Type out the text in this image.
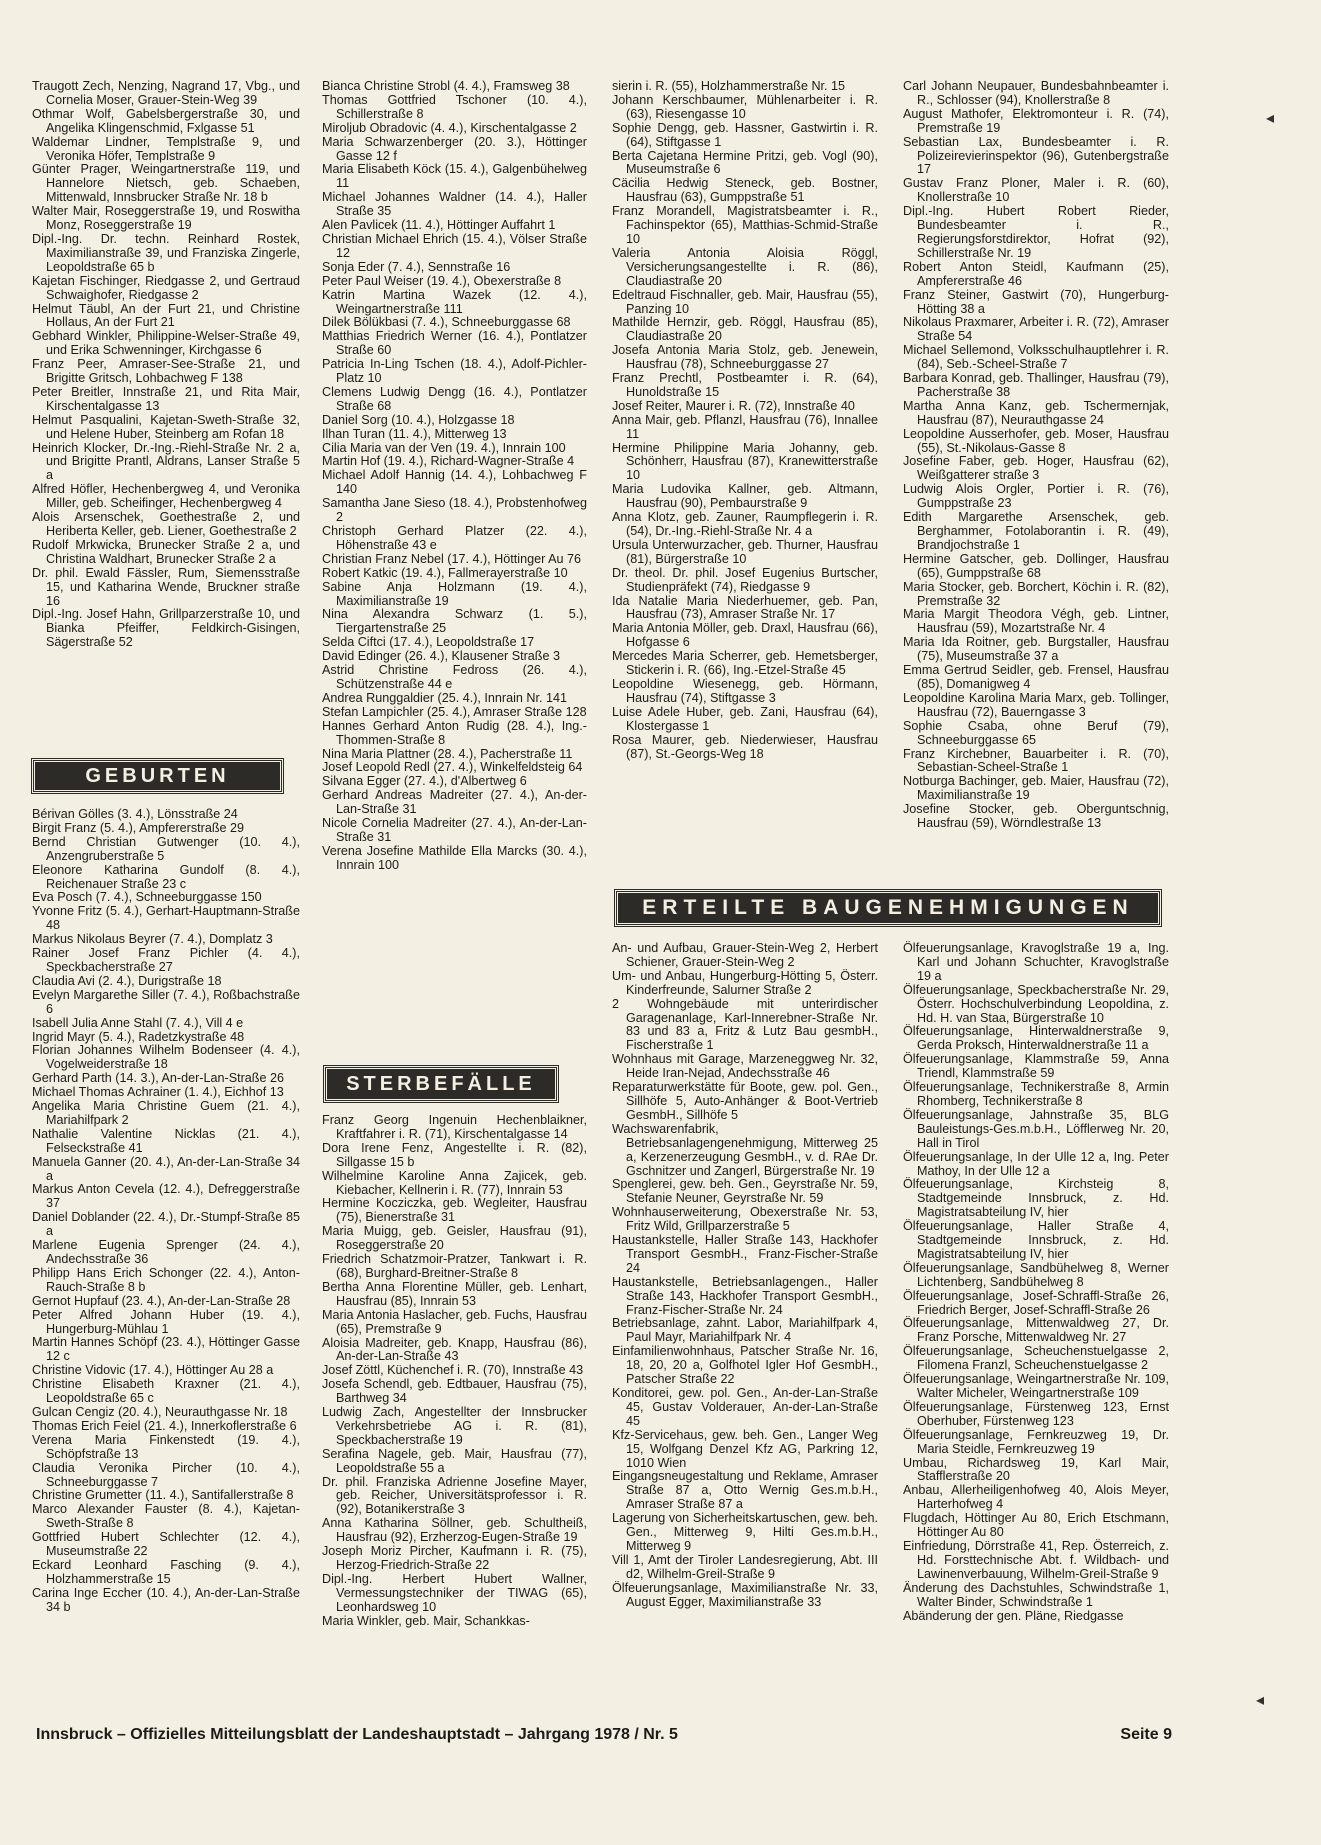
Traugott Zech, Nenzing, Nagrand 17, Vbg., und Cornelia Moser, Grauer-Stein-Weg 39

Othmar Wolf, Gabelsbergerstraße 30, und Angelika Klingenschmid, Fxlgasse 51

Waldemar Lindner, Templstraße 9, und Veronika Höfer, Templstraße 9

Günter Prager, Weingartnerstraße 119, und Hannelore Nietsch, geb. Schaeben, Mittenwald, Innsbrucker Straße Nr. 18 b

Walter Mair, Roseggerstraße 19, und Roswitha Monz, Roseggerstraße 19

Dipl.-Ing. Dr. techn. Reinhard Rostek, Maximilianstraße 39, und Franziska Zingerle, Leopoldstraße 65 b

Kajetan Fischinger, Riedgasse 2, und Gertraud Schwaighofer, Riedgasse 2

Helmut Täubl, An der Furt 21, und Christine Hollaus, An der Furt 21

Gebhard Winkler, Philippine-Welser-Straße 49, und Erika Schwenninger, Kirchgasse 6

Franz Peer, Amraser-See-Straße 21, und Brigitte Gritsch, Lohbachweg F 138

Peter Breitler, Innstraße 21, und Rita Mair, Kirschentalgasse 13

Helmut Pasqualini, Kajetan-Sweth-Straße 32, und Helene Huber, Steinberg am Rofan 18

Heinrich Klocker, Dr.-Ing.-Riehl-Straße Nr. 2 a, und Brigitte Prantl, Aldrans, Lanser Straße 5 a

Alfred Höfler, Hechenbergweg 4, und Veronika Miller, geb. Scheifinger, Hechenbergweg 4

Alois Arsenschek, Goethestraße 2, und Heriberta Keller, geb. Liener, Goethestraße 2

Rudolf Mrkwicka, Brunecker Straße 2 a, und Christina Waldhart, Brunecker Straße 2 a

Dr. phil. Ewald Fässler, Rum, Siemensstraße 15, und Katharina Wende, Bruckner straße 16

Dipl.-Ing. Josef Hahn, Grillparzerstraße 10, und Bianka Pfeiffer, Feldkirch-Gisingen, Sägerstraße 52

GEBURTEN

Bérivan Gölles (3. 4.), Lönsstraße 24

Birgit Franz (5. 4.), Ampfererstraße 29

Bernd Christian Gutwenger (10. 4.), Anzengruberstraße 5

Eleonore Katharina Gundolf (8. 4.), Reichenauer Straße 23 c

Eva Posch (7. 4.), Schneeburggasse 150

Yvonne Fritz (5. 4.), Gerhart-Hauptmann-Straße 48

Markus Nikolaus Beyrer (7. 4.), Domplatz 3

Rainer Josef Franz Pichler (4. 4.), Speckbacherstraße 27

Claudia Avi (2. 4.), Durigstraße 18

Evelyn Margarethe Siller (7. 4.), Roßbachstraße 6

Isabell Julia Anne Stahl (7. 4.), Vill 4 e

Ingrid Mayr (5. 4.), Radetzkystraße 48

Florian Johannes Wilhelm Bodenseer (4. 4.), Vogelweiderstraße 18

Gerhard Parth (14. 3.), An-der-Lan-Straße 26

Michael Thomas Achrainer (1. 4.), Eichhof 13

Angelika Maria Christine Guem (21. 4.), Mariahilfpark 2

Nathalie Valentine Nicklas (21. 4.), Felseckstraße 41

Manuela Ganner (20. 4.), An-der-Lan-Straße 34 a

Markus Anton Cevela (12. 4.), Defreggerstraße 37

Daniel Doblander (22. 4.), Dr.-Stumpf-Straße 85 a

Marlene Eugenia Sprenger (24. 4.), Andechsstraße 36

Philipp Hans Erich Schonger (22. 4.), Anton-Rauch-Straße 8 b

Gernot Hupfauf (23. 4.), An-der-Lan-Straße 28

Peter Alfred Johann Huber (19. 4.), Hungerburg-Mühlau 1

Martin Hannes Schöpf (23. 4.), Höttinger Gasse 12 c

Christine Vidovic (17. 4.), Höttinger Au 28 a

Christine Elisabeth Kraxner (21. 4.), Leopoldstraße 65 c

Gulcan Cengiz (20. 4.), Neurauthgasse Nr. 18

Thomas Erich Feiel (21. 4.), Innerkoflerstraße 6

Verena Maria Finkenstedt (19. 4.), Schöpfstraße 13

Claudia Veronika Pircher (10. 4.), Schneeburggasse 7

Christine Grumetter (11. 4.), Santifallerstraße 8

Marco Alexander Fauster (8. 4.), Kajetan-Sweth-Straße 8

Gottfried Hubert Schlechter (12. 4.), Museumstraße 22

Eckard Leonhard Fasching (9. 4.), Holzhammerstraße 15

Carina Inge Eccher (10. 4.), An-der-Lan-Straße 34 b

Bianca Christine Strobl (4. 4.), Framsweg 38

Thomas Gottfried Tschoner (10. 4.), Schillerstraße 8

Miroljub Obradovic (4. 4.), Kirschentalgasse 2

Maria Schwarzenberger (20. 3.), Höttinger Gasse 12 f

Maria Elisabeth Köck (15. 4.), Galgenbühelweg 11

Michael Johannes Waldner (14. 4.), Haller Straße 35

Alen Pavlicek (11. 4.), Höttinger Auffahrt 1

Christian Michael Ehrich (15. 4.), Völser Straße 12

Sonja Eder (7. 4.), Sennstraße 16

Peter Paul Weiser (19. 4.), Obexerstraße 8

Katrin Martina Wazek (12. 4.), Weingartnerstraße 111

Dilek Bölükbasi (7. 4.), Schneeburggasse 68

Matthias Friedrich Werner (16. 4.), Pontlatzer Straße 60

Patricia In-Ling Tschen (18. 4.), Adolf-Pichler-Platz 10

Clemens Ludwig Dengg (16. 4.), Pontlatzer Straße 68

Daniel Sorg (10. 4.), Holzgasse 18

Ilhan Turan (11. 4.), Mitterweg 13

Cilia Maria van der Ven (19. 4.), Innrain 100

Martin Hof (19. 4.), Richard-Wagner-Straße 4

Michael Adolf Hannig (14. 4.), Lohbachweg F 140

Samantha Jane Sieso (18. 4.), Probstenhofweg 2

Christoph Gerhard Platzer (22. 4.), Höhenstraße 43 e

Christian Franz Nebel (17. 4.), Höttinger Au 76

Robert Katkic (19. 4.), Fallmerayerstraße 10

Sabine Anja Holzmann (19. 4.), Maximilianstraße 19

Nina Alexandra Schwarz (1. 5.), Tiergartenstraße 25

Selda Ciftci (17. 4.), Leopoldstraße 17

David Edinger (26. 4.), Klausener Straße 3

Astrid Christine Fedross (26. 4.), Schützenstraße 44 e

Andrea Runggaldier (25. 4.), Innrain Nr. 141

Stefan Lampichler (25. 4.), Amraser Straße 128

Hannes Gerhard Anton Rudig (28. 4.), Ing.-Thommen-Straße 8

Nina Maria Plattner (28. 4.), Pacherstraße 11

Josef Leopold Redl (27. 4.), Winkelfeldsteig 64

Silvana Egger (27. 4.), d'Albertweg 6

Gerhard Andreas Madreiter (27. 4.), An-der-Lan-Straße 31

Nicole Cornelia Madreiter (27. 4.), An-der-Lan-Straße 31

Verena Josefine Mathilde Ella Marcks (30. 4.), Innrain 100

STERBEFÄLLE

Franz Georg Ingenuin Hechenblaikner, Kraftfahrer i. R. (71), Kirschentalgasse 14

Dora Irene Fenz, Angestellte i. R. (82), Sillgasse 15 b

Wilhelmine Karoline Anna Zajicek, geb. Kiebacher, Kellnerin i. R. (77), Innrain 53

Hermine Kocziczka, geb. Wegleiter, Hausfrau (75), Bienerstraße 31

Maria Muigg, geb. Geisler, Hausfrau (91), Roseggerstraße 20

Friedrich Schatzmoir-Pratzer, Tankwart i. R. (68), Burghard-Breitner-Straße 8

Bertha Anna Florentine Müller, geb. Lenhart, Hausfrau (85), Innrain 53

Maria Antonia Haslacher, geb. Fuchs, Hausfrau (65), Premstraße 9

Aloisia Madreiter, geb. Knapp, Hausfrau (86), An-der-Lan-Straße 43

Josef Zöttl, Küchenchef i. R. (70), Innstraße 43

Josefa Schendl, geb. Edtbauer, Hausfrau (75), Barthweg 34

Ludwig Zach, Angestellter der Innsbrucker Verkehrsbetriebe AG i. R. (81), Speckbacherstraße 19

Serafina Nagele, geb. Mair, Hausfrau (77), Leopoldstraße 55 a

Dr. phil. Franziska Adrienne Josefine Mayer, geb. Reicher, Universitätsprofessor i. R. (92), Botanikerstraße 3

Anna Katharina Söllner, geb. Schultheiß, Hausfrau (92), Erzherzog-Eugen-Straße 19

Joseph Moriz Pircher, Kaufmann i. R. (75), Herzog-Friedrich-Straße 22

Dipl.-Ing. Herbert Hubert Wallner, Vermessungstechniker der TIWAG (65), Leonhardsweg 10

Maria Winkler, geb. Mair, Schankkas-

sierin i. R. (55), Holzhammerstraße Nr. 15

Johann Kerschbaumer, Mühlenarbeiter i. R. (63), Riesengasse 10

Sophie Dengg, geb. Hassner, Gastwirtin i. R. (64), Stiftgasse 1

Berta Cajetana Hermine Pritzi, geb. Vogl (90), Museumstraße 6

Cäcilia Hedwig Steneck, geb. Bostner, Hausfrau (63), Gumppstraße 51

Franz Morandell, Magistratsbeamter i. R., Fachinspektor (65), Matthias-Schmid-Straße 10

Valeria Antonia Aloisia Röggl, Versicherungsangestellte i. R. (86), Claudiastraße 20

Edeltraud Fischnaller, geb. Mair, Hausfrau (55), Panzing 10

Mathilde Hernzir, geb. Röggl, Hausfrau (85), Claudiastraße 20

Josefa Antonia Maria Stolz, geb. Jenewein, Hausfrau (78), Schneeburggasse 27

Franz Prechtl, Postbeamter i. R. (64), Hunoldstraße 15

Josef Reiter, Maurer i. R. (72), Innstraße 40

Anna Mair, geb. Pflanzl, Hausfrau (76), Innallee 11

Hermine Philippine Maria Johanny, geb. Schönherr, Hausfrau (87), Kranewitterstraße 10

Maria Ludovika Kallner, geb. Altmann, Hausfrau (90), Pembaurstraße 9

Anna Klotz, geb. Zauner, Raumpflegerin i. R. (54), Dr.-Ing.-Riehl-Straße Nr. 4 a

Ursula Unterwurzacher, geb. Thurner, Hausfrau (81), Bürgerstraße 10

Dr. theol. Dr. phil. Josef Eugenius Burtscher, Studienpräfekt (74), Riedgasse 9

Ida Natalie Maria Niederhuemer, geb. Pan, Hausfrau (73), Amraser Straße Nr. 17

Maria Antonia Möller, geb. Draxl, Hausfrau (66), Hofgasse 6

Mercedes Maria Scherrer, geb. Hemetsberger, Stickerin i. R. (66), Ing.-Etzel-Straße 45

Leopoldine Wiesenegg, geb. Hörmann, Hausfrau (74), Stiftgasse 3

Luise Adele Huber, geb. Zani, Hausfrau (64), Klostergasse 1

Rosa Maurer, geb. Niederwieser, Hausfrau (87), St.-Georgs-Weg 18

Carl Johann Neupauer, Bundesbahnbeamter i. R., Schlosser (94), Knollerstraße 8

August Mathofer, Elektromonteur i. R. (74), Premstraße 19

Sebastian Lax, Bundesbeamter i. R. Polizeirevierinspektor (96), Gutenbergstraße 17

Gustav Franz Ploner, Maler i. R. (60), Knollerstraße 10

Dipl.-Ing. Hubert Robert Rieder, Bundesbeamter i. R., Regierungsforstdirektor, Hofrat (92), Schillerstraße Nr. 19

Robert Anton Steidl, Kaufmann (25), Ampfererstraße 46

Franz Steiner, Gastwirt (70), Hungerburg-Hötting 38 a

Nikolaus Praxmarer, Arbeiter i. R. (72), Amraser Straße 54

Michael Sellemond, Volksschulhauptlehrer i. R. (84), Seb.-Scheel-Straße 7

Barbara Konrad, geb. Thallinger, Hausfrau (79), Pacherstraße 38

Martha Anna Kanz, geb. Tschermernjak, Hausfrau (87), Neurauthgasse 24

Leopoldine Ausserhofer, geb. Moser, Hausfrau (55), St.-Nikolaus-Gasse 8

Josefine Faber, geb. Hoger, Hausfrau (62), Weißgatterer straße 3

Ludwig Alois Orgler, Portier i. R. (76), Gumppstraße 23

Edith Margarethe Arsenschek, geb. Berghammer, Fotolaborantin i. R. (49), Brandjochstraße 1

Hermine Gatscher, geb. Dollinger, Hausfrau (65), Gumppstraße 68

Maria Stocker, geb. Borchert, Köchin i. R. (82), Premstraße 32

Maria Margit Theodora Végh, geb. Lintner, Hausfrau (59), Mozartstraße Nr. 4

Maria Ida Roitner, geb. Burgstaller, Hausfrau (75), Museumstraße 37 a

Emma Gertrud Seidler, geb. Frensel, Hausfrau (85), Domanigweg 4

Leopoldine Karolina Maria Marx, geb. Tollinger, Hausfrau (72), Bauerngasse 3

Sophie Csaba, ohne Beruf (79), Schneeburggasse 65

Franz Kirchebner, Bauarbeiter i. R. (70), Sebastian-Scheel-Straße 1

Notburga Bachinger, geb. Maier, Hausfrau (72), Maximilianstraße 19

Josefine Stocker, geb. Oberguntschnig, Hausfrau (59), Wörndlestraße 13

ERTEILTE BAUGENEHMIGUNGEN

An- und Aufbau, Grauer-Stein-Weg 2, Herbert Schiener, Grauer-Stein-Weg 2

Um- und Anbau, Hungerburg-Hötting 5, Österr. Kinderfreunde, Salurner Straße 2

2 Wohngebäude mit unterirdischer Garagenanlage, Karl-Innerebner-Straße Nr. 83 und 83 a, Fritz & Lutz Bau gesmbH., Fischerstraße 1

Wohnhaus mit Garage, Marzeneggweg Nr. 32, Heide Iran-Nejad, Andechsstraße 46

Reparaturwerkstätte für Boote, gew. pol. Gen., Sillhöfe 5, Auto-Anhänger & Boot-Vertrieb GesmbH., Sillhöfe 5

Wachswarenfabrik, Betriebsanlagengenehmigung, Mitterweg 25 a, Kerzenerzeugung GesmbH., v. d. RAe Dr. Gschnitzer und Zangerl, Bürgerstraße Nr. 19

Spenglerei, gew. beh. Gen., Geyrstraße Nr. 59, Stefanie Neuner, Geyrstraße Nr. 59

Wohnhauserweiterung, Obexerstraße Nr. 53, Fritz Wild, Grillparzerstraße 5

Haustankstelle, Haller Straße 143, Hackhofer Transport GesmbH., Franz-Fischer-Straße 24

Haustankstelle, Betriebsanlagengen., Haller Straße 143, Hackhofer Transport GesmbH., Franz-Fischer-Straße Nr. 24

Betriebsanlage, zahnt. Labor, Mariahilfpark 4, Paul Mayr, Mariahilfpark Nr. 4

Einfamilienwohnhaus, Patscher Straße Nr. 16, 18, 20, 20 a, Golfhotel Igler Hof GesmbH., Patscher Straße 22

Konditorei, gew. pol. Gen., An-der-Lan-Straße 45, Gustav Volderauer, An-der-Lan-Straße 45

Kfz-Servicehaus, gew. beh. Gen., Langer Weg 15, Wolfgang Denzel Kfz AG, Parkring 12, 1010 Wien

Eingangsneugestaltung und Reklame, Amraser Straße 87 a, Otto Wernig Ges.m.b.H., Amraser Straße 87 a

Lagerung von Sicherheitskartuschen, gew. beh. Gen., Mitterweg 9, Hilti Ges.m.b.H., Mitterweg 9

Vill 1, Amt der Tiroler Landesregierung, Abt. III d2, Wilhelm-Greil-Straße 9

Ölfeuerungsanlage, Maximilianstraße Nr. 33, August Egger, Maximilianstraße 33

Ölfeuerungsanlage, Kravoglstraße 19 a, Ing. Karl und Johann Schuchter, Kravoglstraße 19 a

Ölfeuerungsanlage, Speckbacherstraße Nr. 29, Österr. Hochschulverbindung Leopoldina, z. Hd. H. van Staa, Bürgerstraße 10

Ölfeuerungsanlage, Hinterwaldnerstraße 9, Gerda Proksch, Hinterwaldnerstraße 11 a

Ölfeuerungsanlage, Klammstraße 59, Anna Triendl, Klammstraße 59

Ölfeuerungsanlage, Technikerstraße 8, Armin Rhomberg, Technikerstraße 8

Ölfeuerungsanlage, Jahnstraße 35, BLG Bauleistungs-Ges.m.b.H., Löfflerweg Nr. 20, Hall in Tirol

Ölfeuerungsanlage, In der Ulle 12 a, Ing. Peter Mathoy, In der Ulle 12 a

Ölfeuerungsanlage, Kirchsteig 8, Stadtgemeinde Innsbruck, z. Hd. Magistratsabteilung IV, hier

Ölfeuerungsanlage, Haller Straße 4, Stadtgemeinde Innsbruck, z. Hd. Magistratsabteilung IV, hier

Ölfeuerungsanlage, Sandbühelweg 8, Werner Lichtenberg, Sandbühelweg 8

Ölfeuerungsanlage, Josef-Schraffl-Straße 26, Friedrich Berger, Josef-Schraffl-Straße 26

Ölfeuerungsanlage, Mittenwaldweg 27, Dr. Franz Porsche, Mittenwaldweg Nr. 27

Ölfeuerungsanlage, Scheuchenstuelgasse 2, Filomena Franzl, Scheuchenstuelgasse 2

Ölfeuerungsanlage, Weingartnerstraße Nr. 109, Walter Micheler, Weingartnerstraße 109

Ölfeuerungsanlage, Fürstenweg 123, Ernst Oberhuber, Fürstenweg 123

Ölfeuerungsanlage, Fernkreuzweg 19, Dr. Maria Steidle, Fernkreuzweg 19

Umbau, Richardsweg 19, Karl Mair, Stafflerstraße 20

Anbau, Allerheiligenhofweg 40, Alois Meyer, Harterhofweg 4

Flugdach, Höttinger Au 80, Erich Etschmann, Höttinger Au 80

Einfriedung, Dörrstraße 41, Rep. Österreich, z. Hd. Forsttechnische Abt. f. Wildbach- und Lawinenverbauung, Wilhelm-Greil-Straße 9

Änderung des Dachstuhles, Schwindstraße 1, Walter Binder, Schwindstraße 1

Abänderung der gen. Pläne, Riedgasse

Innsbruck – Offizielles Mitteilungsblatt der Landeshauptstadt – Jahrgang 1978 / Nr. 5	Seite 9
◂
◂
